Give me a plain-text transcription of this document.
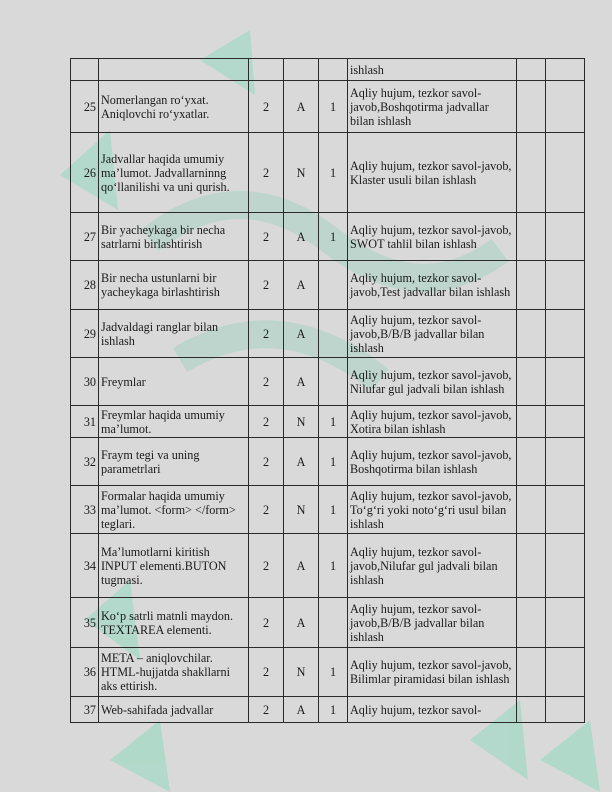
					ishlash		
25	Nomerlangan ro‘yxat. Aniqlovchi ro‘yxatlar.	2	A	1	Aqliy hujum, tezkor savol-javob,Boshqotirma jadvallar bilan ishlash		
26	Jadvallar haqida umumiy ma’lumot. Jadvallarninng qo‘llanilishi va uni qurish.	2	N	1	Aqliy hujum, tezkor savol-javob, Klaster usuli bilan ishlash		
27	Bir yacheykaga bir necha satrlarni birlashtirish	2	A	1	Aqliy hujum, tezkor savol-javob, SWOT tahlil bilan ishlash		
28	Bir necha ustunlarni bir yacheykaga birlashtirish	2	A		Aqliy hujum, tezkor savol-javob,Test jadvallar bilan ishlash		
29	Jadvaldagi ranglar bilan ishlash	2	A		Aqliy hujum, tezkor savol-javob,B/B/B jadvallar bilan ishlash		
30	Freymlar	2	A		Aqliy hujum, tezkor savol-javob, Nilufar gul jadvali bilan ishlash		
31	Freymlar haqida umumiy ma’lumot.	2	N	1	Aqliy hujum, tezkor savol-javob, Xotira bilan ishlash		
32	Fraym tegi va uning parametrlari	2	A	1	Aqliy hujum, tezkor savol-javob, Boshqotirma bilan ishlash		
33	Formalar haqida umumiy ma’lumot. <form> </form> teglari.	2	N	1	Aqliy hujum, tezkor savol-javob, To‘g‘ri yoki noto‘g‘ri usul bilan ishlash		
34	Ma’lumotlarni kiritish INPUT elementi.BUTON tugmasi.	2	A	1	Aqliy hujum, tezkor savol-javob,Nilufar gul jadvali bilan ishlash		
35	Ko‘p satrli matnli maydon. TEXTAREA elementi.	2	A		Aqliy hujum, tezkor savol-javob,B/B/B jadvallar bilan ishlash		
36	META – aniqlovchilar. HTML-hujjatda shakllarni aks ettirish.	2	N	1	Aqliy hujum, tezkor savol-javob, Bilimlar piramidasi bilan ishlash		
37	Web-sahifada jadvallar	2	A	1	Aqliy hujum, tezkor savol-		
